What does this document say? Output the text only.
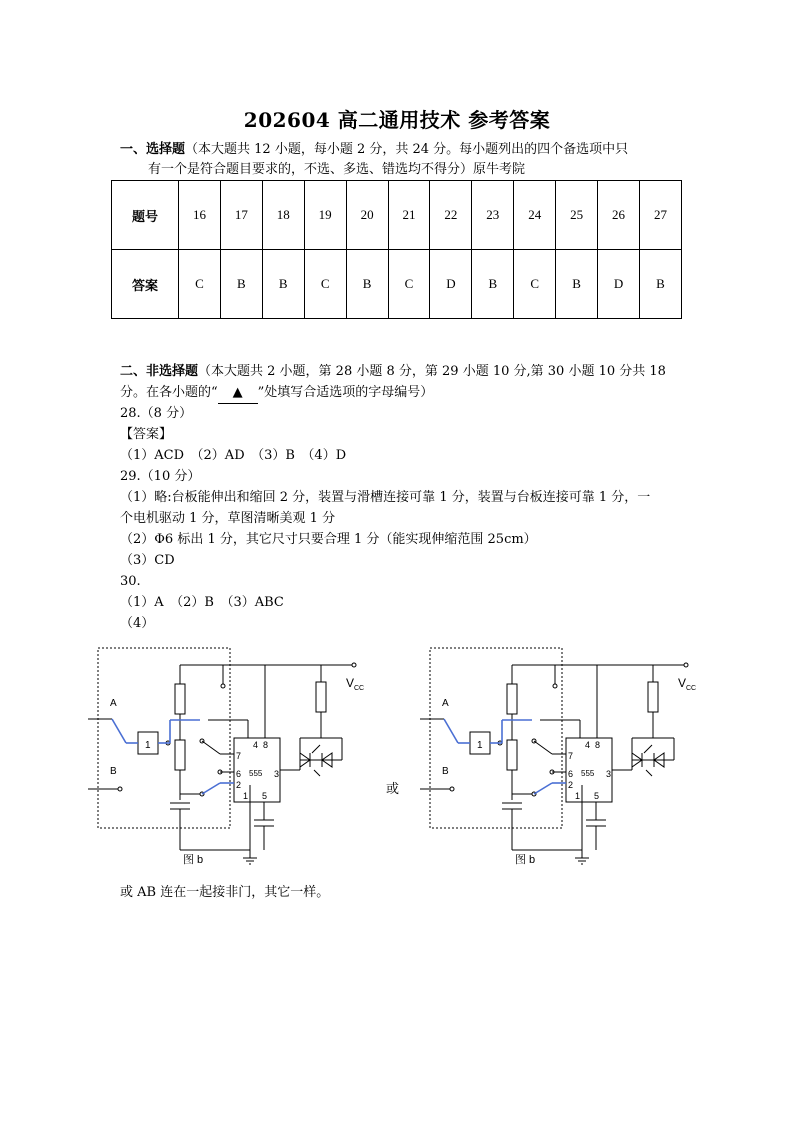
202604 高二通用技术 参考答案
一、选择题（本大题共 12 小题，每小题 2 分，共 24 分。每小题列出的四个备选项中只
有一个是符合题目要求的，不选、多选、错选均不得分）原牛考院
题号	16	17	18	19	20	21	22	23	24	25	26	27
答案	C	B	B	C	B	C	D	B	C	B	D	B
二、非选择题（本大题共 2 小题，第 28 小题 8 分，第 29 小题 10 分,第 30 小题 10 分共 18
分。在各小题的“ ▲ ”处填写合适选项的字母编号）
28.（8 分）
【答案】
（1）ACD　（2）AD　（3）B　（4）D
29.（10 分）
（1）略:台板能伸出和缩回 2 分，装置与滑槽连接可靠 1 分，装置与台板连接可靠 1 分，一
个电机驱动 1 分，草图清晰美观 1 分
（2）Φ6 标出 1 分，其它尺寸只要合理 1 分（能实现伸缩范围 25cm）
（3）CD
30.
（1）A　（2）B　（3）ABC
（4）
A
B
1
555
4 8
7
6
2
3
1 5
V CC
图 b
或
A
B
1
555
4 8
7
6
2
3
1 5
V CC
图 b
或 AB 连在一起接非门，其它一样。
